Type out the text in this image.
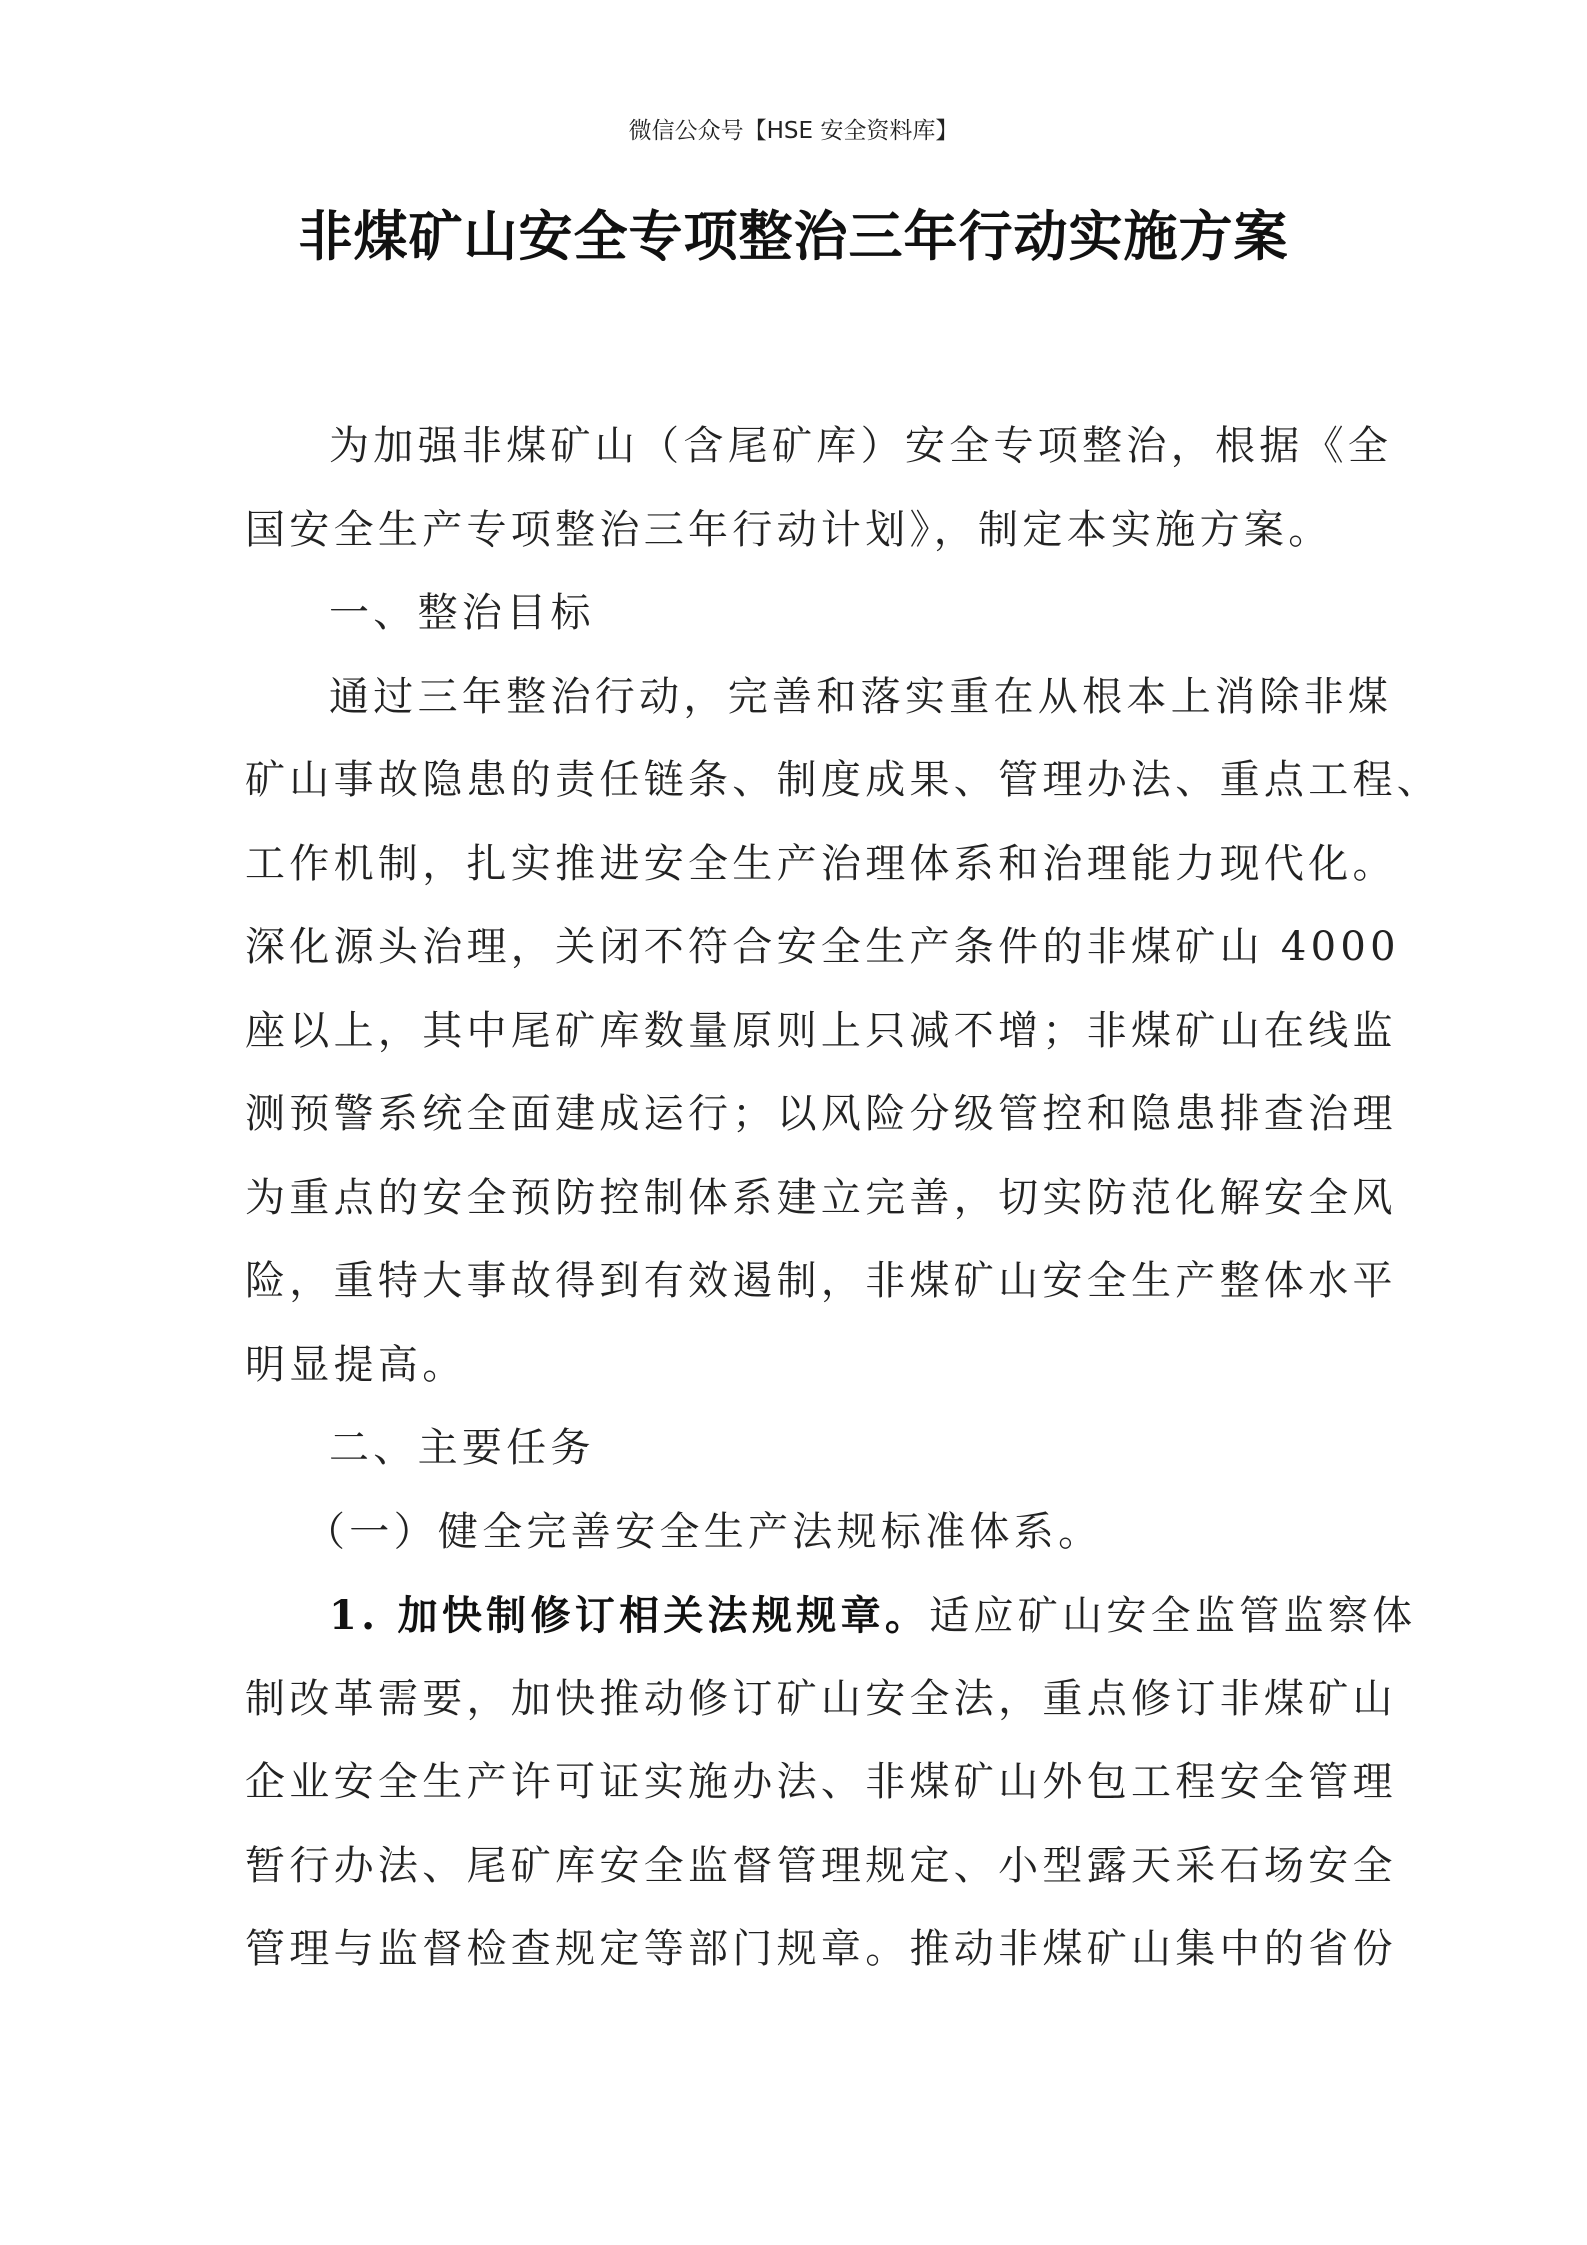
微信公众号【HSE 安全资料库】
非煤矿山安全专项整治三年行动实施方案
为加强非煤矿山（含尾矿库）安全专项整治，根据《全
国安全生产专项整治三年行动计划》，制定本实施方案。
一、整治目标
通过三年整治行动，完善和落实重在从根本上消除非煤
矿山事故隐患的责任链条、制度成果、管理办法、重点工程、
工作机制，扎实推进安全生产治理体系和治理能力现代化。
深化源头治理，关闭不符合安全生产条件的非煤矿山 4000
座以上，其中尾矿库数量原则上只减不增；非煤矿山在线监
测预警系统全面建成运行；以风险分级管控和隐患排查治理
为重点的安全预防控制体系建立完善，切实防范化解安全风
险，重特大事故得到有效遏制，非煤矿山安全生产整体水平
明显提高。
二、主要任务
（一）健全完善安全生产法规标准体系。
1. 加快制修订相关法规规章。适应矿山安全监管监察体
制改革需要，加快推动修订矿山安全法，重点修订非煤矿山
企业安全生产许可证实施办法、非煤矿山外包工程安全管理
暂行办法、尾矿库安全监督管理规定、小型露天采石场安全
管理与监督检查规定等部门规章。推动非煤矿山集中的省份
